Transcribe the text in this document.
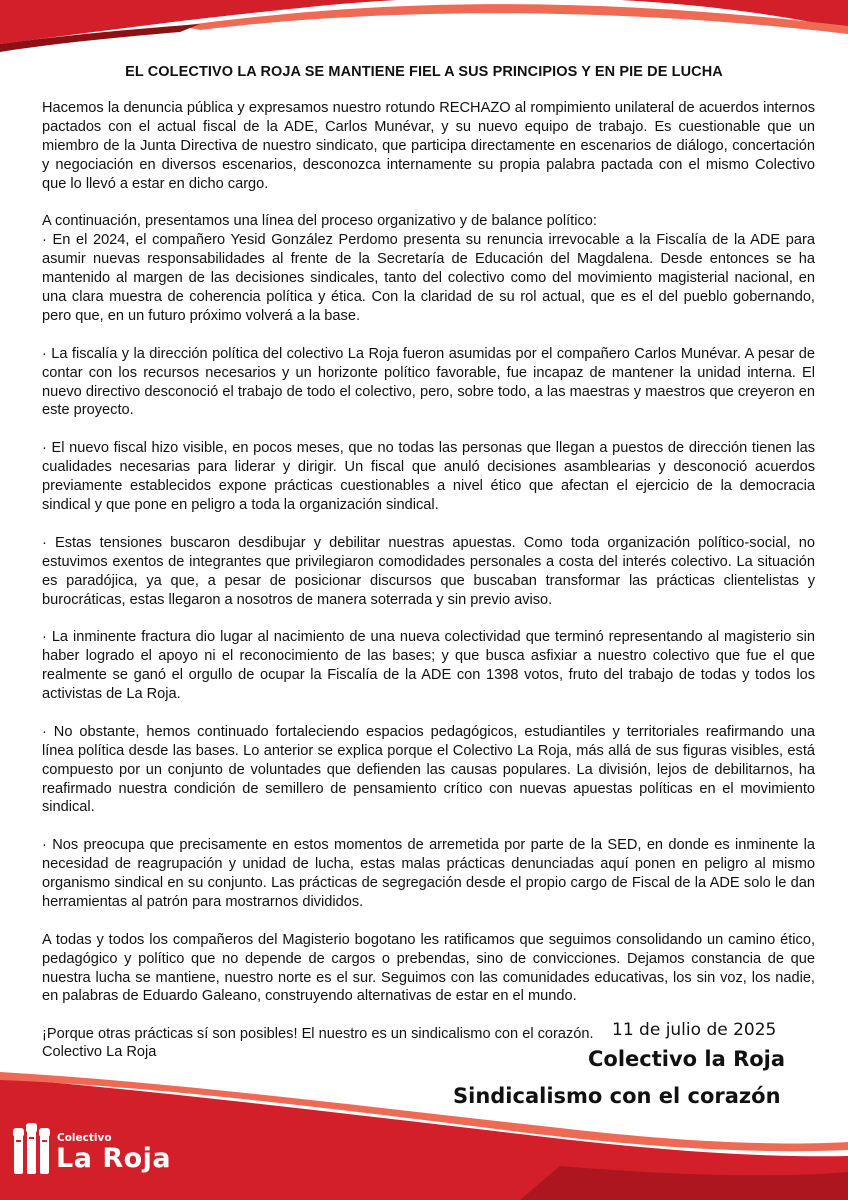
EL COLECTIVO LA ROJA SE MANTIENE FIEL A SUS PRINCIPIOS Y EN PIE DE LUCHA

Hacemos la denuncia pública y expresamos nuestro rotundo RECHAZO al rompimiento unilateral de acuerdos internos pactados con el actual fiscal de la ADE, Carlos Munévar, y su nuevo equipo de trabajo. Es cuestionable que un miembro de la Junta Directiva de nuestro sindicato, que participa directamente en escenarios de diálogo, concertación y negociación en diversos escenarios, desconozca internamente su propia palabra pactada con el mismo Colectivo que lo llevó a estar en dicho cargo.

A continuación, presentamos una línea del proceso organizativo y de balance político:

· En el 2024, el compañero Yesid González Perdomo presenta su renuncia irrevocable a la Fiscalía de la ADE para asumir nuevas responsabilidades al frente de la Secretaría de Educación del Magdalena. Desde entonces se ha mantenido al margen de las decisiones sindicales, tanto del colectivo como del movimiento magisterial nacional, en una clara muestra de coherencia política y ética. Con la claridad de su rol actual, que es el del pueblo gobernando, pero que, en un futuro próximo volverá a la base.

· La fiscalía y la dirección política del colectivo La Roja fueron asumidas por el compañero Carlos Munévar. A pesar de contar con los recursos necesarios y un horizonte político favorable, fue incapaz de mantener la unidad interna. El nuevo directivo desconoció el trabajo de todo el colectivo, pero, sobre todo, a las maestras y maestros que creyeron en este proyecto.

· El nuevo fiscal hizo visible, en pocos meses, que no todas las personas que llegan a puestos de dirección tienen las cualidades necesarias para liderar y dirigir. Un fiscal que anuló decisiones asamblearias y desconoció acuerdos previamente establecidos expone prácticas cuestionables a nivel ético que afectan el ejercicio de la democracia sindical y que pone en peligro a toda la organización sindical.

· Estas tensiones buscaron desdibujar y debilitar nuestras apuestas. Como toda organización político-social, no estuvimos exentos de integrantes que privilegiaron comodidades personales a costa del interés colectivo. La situación es paradójica, ya que, a pesar de posicionar discursos que buscaban transformar las prácticas clientelistas y burocráticas, estas llegaron a nosotros de manera soterrada y sin previo aviso.

· La inminente fractura dio lugar al nacimiento de una nueva colectividad que terminó representando al magisterio sin haber logrado el apoyo ni el reconocimiento de las bases; y que busca asfixiar a nuestro colectivo que fue el que realmente se ganó el orgullo de ocupar la Fiscalía de la ADE con 1398 votos, fruto del trabajo de todas y todos los activistas de La Roja.

· No obstante, hemos continuado fortaleciendo espacios pedagógicos, estudiantiles y territoriales reafirmando una línea política desde las bases. Lo anterior se explica porque el Colectivo La Roja, más allá de sus figuras visibles, está compuesto por un conjunto de voluntades que defienden las causas populares. La división, lejos de debilitarnos, ha reafirmado nuestra condición de semillero de pensamiento crítico con nuevas apuestas políticas en el movimiento sindical.

· Nos preocupa que precisamente en estos momentos de arremetida por parte de la SED, en donde es inminente la necesidad de reagrupación y unidad de lucha, estas malas prácticas denunciadas aquí ponen en peligro al mismo organismo sindical en su conjunto. Las prácticas de segregación desde el propio cargo de Fiscal de la ADE solo le dan herramientas al patrón para mostrarnos divididos.

A todas y todos los compañeros del Magisterio bogotano les ratificamos que seguimos consolidando un camino ético, pedagógico y político que no depende de cargos o prebendas, sino de convicciones. Dejamos constancia de que nuestra lucha se mantiene, nuestro norte es el sur. Seguimos con las comunidades educativas, los sin voz, los nadie, en palabras de Eduardo Galeano, construyendo alternativas de estar en el mundo.

¡Porque otras prácticas sí son posibles! El nuestro es un sindicalismo con el corazón.	11 de julio de 2025
Colectivo La Roja	Colectivo la Roja
Sindicalismo con el corazón
Colectivo
La Roja
